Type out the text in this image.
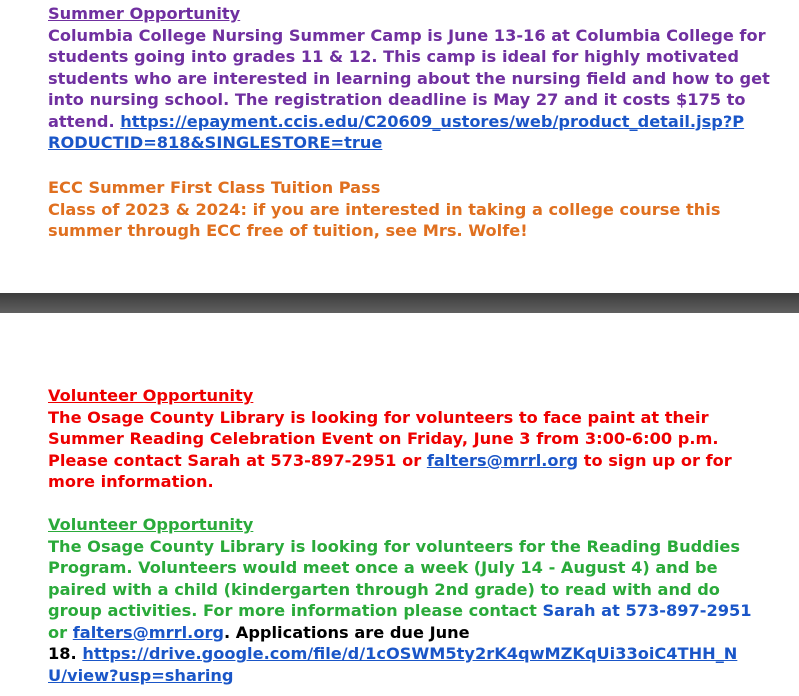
Summer Opportunity
Columbia College Nursing Summer Camp is June 13-16 at Columbia College for
students going into grades 11 & 12. This camp is ideal for highly motivated
students who are interested in learning about the nursing field and how to get
into nursing school. The registration deadline is May 27 and it costs $175 to
attend. https://epayment.ccis.edu/C20609_ustores/web/product_detail.jsp?P
RODUCTID=818&SINGLESTORE=true
ECC Summer First Class Tuition Pass
Class of 2023 & 2024: if you are interested in taking a college course this
summer through ECC free of tuition, see Mrs. Wolfe!
Volunteer Opportunity
The Osage County Library is looking for volunteers to face paint at their
Summer Reading Celebration Event on Friday, June 3 from 3:00-6:00 p.m.
Please contact Sarah at 573-897-2951 or falters@mrrl.org to sign up or for
more information.
Volunteer Opportunity
The Osage County Library is looking for volunteers for the Reading Buddies
Program. Volunteers would meet once a week (July 14 - August 4) and be
paired with a child (kindergarten through 2nd grade) to read with and do
group activities. For more information please contact Sarah at 573-897-2951
or falters@mrrl.org. Applications are due June
18. https://drive.google.com/file/d/1cOSWM5ty2rK4qwMZKqUi33oiC4THH_N
U/view?usp=sharing
